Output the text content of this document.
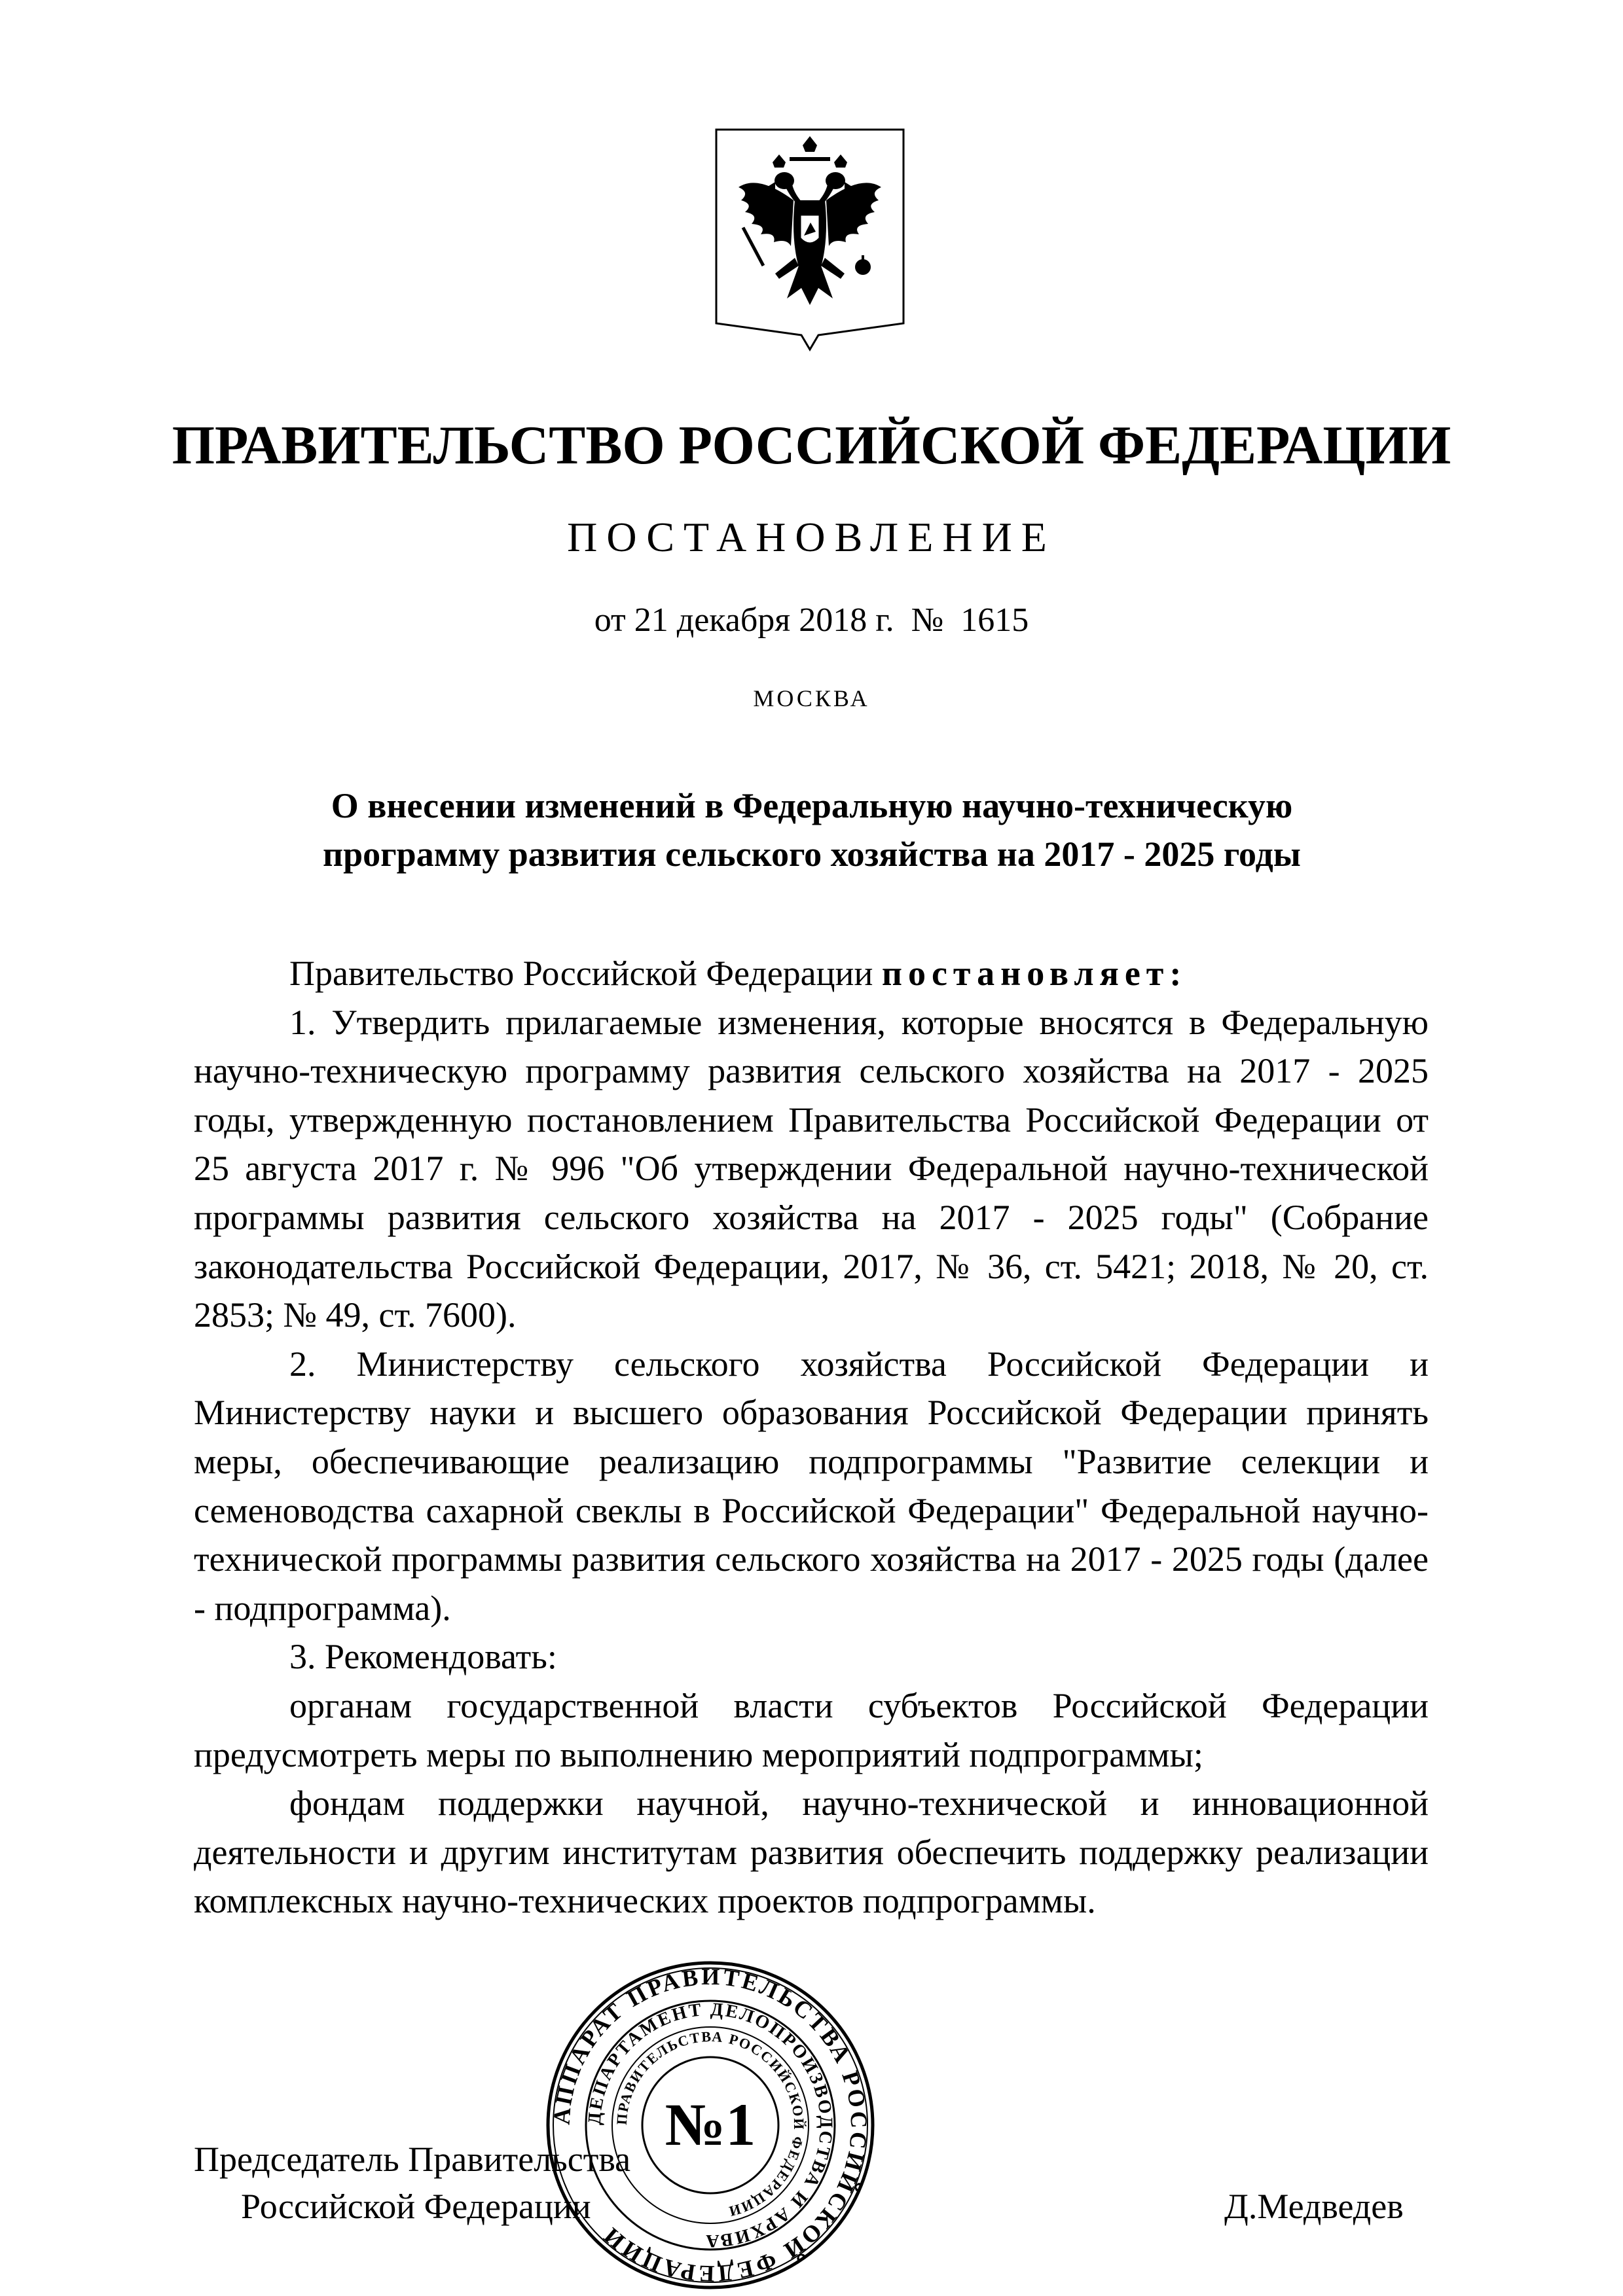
ПРАВИТЕЛЬСТВО РОССИЙСКОЙ ФЕДЕРАЦИИ
ПОСТАНОВЛЕНИЕ
от 21 декабря 2018 г. № 1615
МОСКВА
О внесении изменений в Федеральную научно-техническую
программу развития сельского хозяйства на 2017 - 2025 годы

Правительство Российской Федерации постановляет:

1. Утвердить прилагаемые изменения, которые вносятся в Федеральную научно-техническую программу развития сельского хозяйства на 2017 - 2025 годы, утвержденную постановлением Правительства Российской Федерации от 25 августа 2017 г. № 996 "Об утверждении Федеральной научно-технической программы развития сельского хозяйства на 2017 - 2025 годы" (Собрание законодательства Российской Федерации, 2017, № 36, ст. 5421; 2018, № 20, ст. 2853; № 49, ст. 7600).

2. Министерству сельского хозяйства Российской Федерации и Министерству науки и высшего образования Российской Федерации принять меры, обеспечивающие реализацию подпрограммы "Развитие селекции и семеноводства сахарной свеклы в Российской Федерации" Федеральной научно-технической программы развития сельского хозяйства на 2017 - 2025 годы (далее - подпрограмма).

3. Рекомендовать:

органам государственной власти субъектов Российской Федерации предусмотреть меры по выполнению мероприятий подпрограммы;

фондам поддержки научной, научно-технической и инновационной деятельности и другим институтам развития обеспечить поддержку реализации комплексных научно-технических проектов подпрограммы.

Председатель Правительства
Российской Федерации	Д.Медведев
АППАРАТ ПРАВИТЕЛЬСТВА РОССИЙСКОЙ ФЕДЕРАЦИИ
ДЕПАРТАМЕНТ ДЕЛОПРОИЗВОДСТВА И АРХИВА
ПРАВИТЕЛЬСТВА РОССИЙСКОЙ ФЕДЕРАЦИИ
№1
